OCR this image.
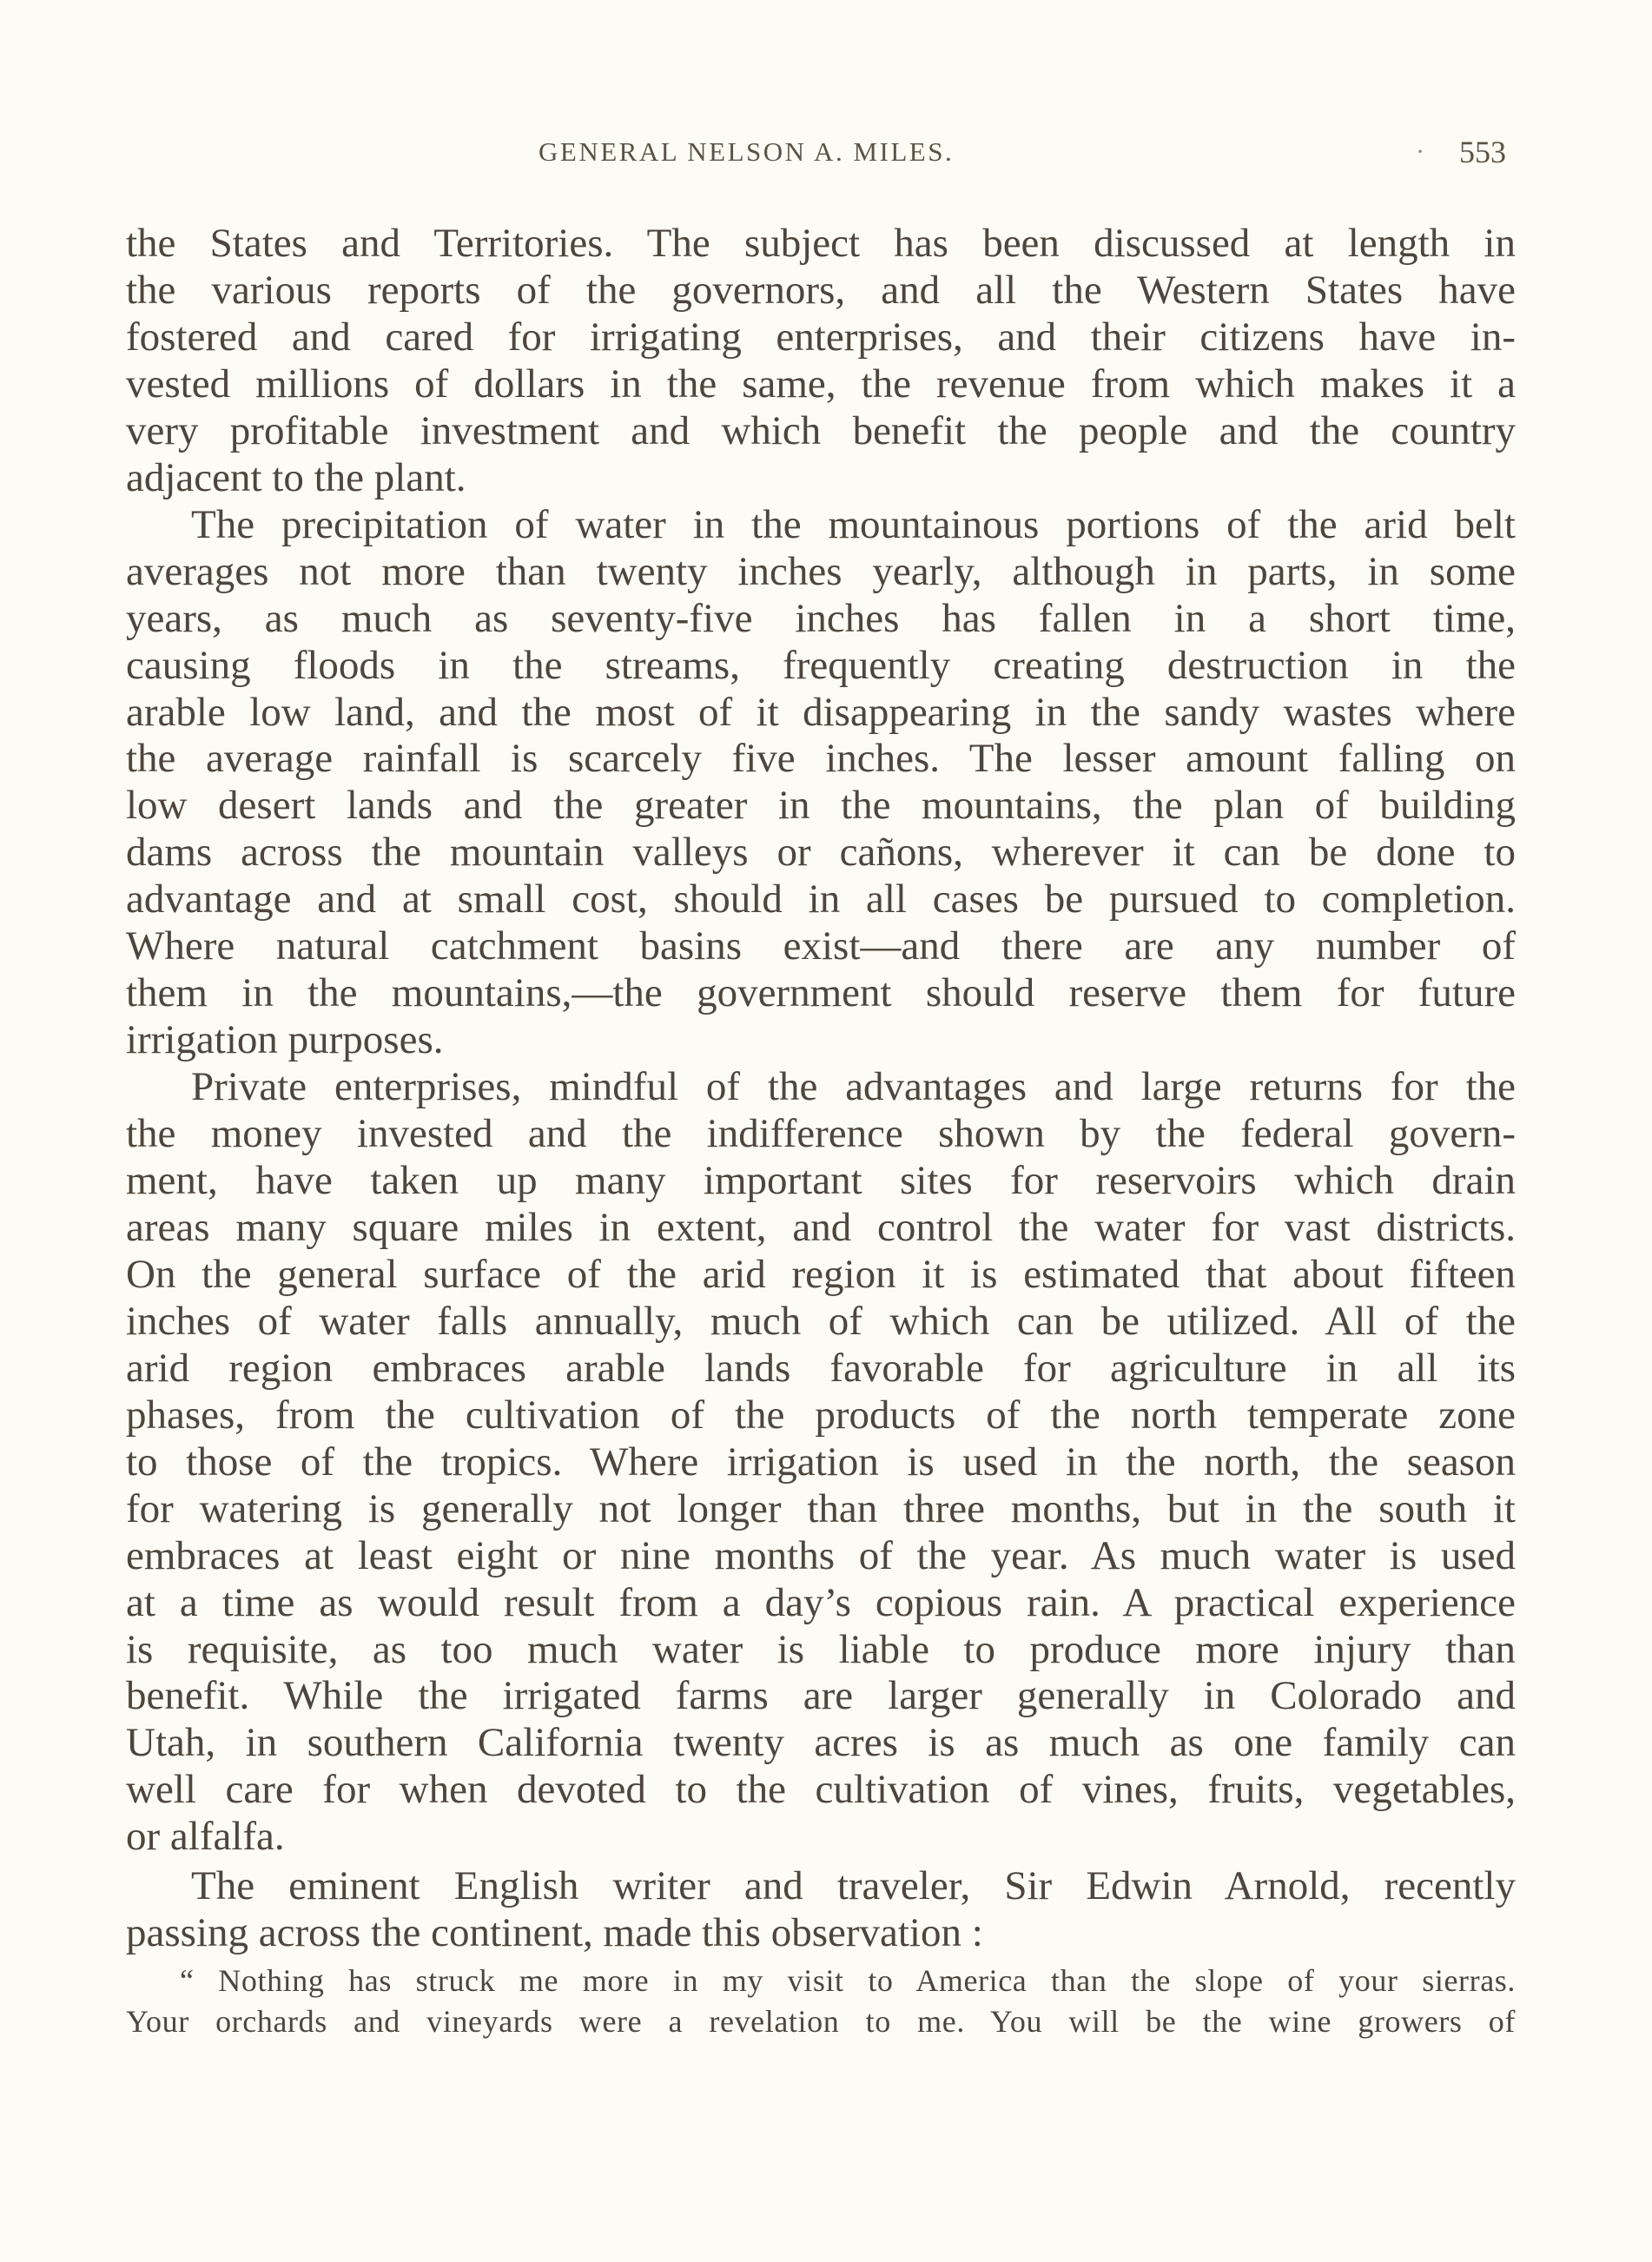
GENERAL NELSON A. MILES.	· 553
the States and Territories. The subject has been discussed at length in
the various reports of the governors, and all the Western States have
fostered and cared for irrigating enterprises, and their citizens have in-
vested millions of dollars in the same, the revenue from which makes it a
very profitable investment and which benefit the people and the country
adjacent to the plant.
The precipitation of water in the mountainous portions of the arid belt
averages not more than twenty inches yearly, although in parts, in some
years, as much as seventy-five inches has fallen in a short time,
causing floods in the streams, frequently creating destruction in the
arable low land, and the most of it disappearing in the sandy wastes where
the average rainfall is scarcely five inches. The lesser amount falling on
low desert lands and the greater in the mountains, the plan of building
dams across the mountain valleys or cañons, wherever it can be done to
advantage and at small cost, should in all cases be pursued to completion.
Where natural catchment basins exist—and there are any number of
them in the mountains,—the government should reserve them for future
irrigation purposes.
Private enterprises, mindful of the advantages and large returns for the
the money invested and the indifference shown by the federal govern-
ment, have taken up many important sites for reservoirs which drain
areas many square miles in extent, and control the water for vast districts.
On the general surface of the arid region it is estimated that about fifteen
inches of water falls annually, much of which can be utilized. All of the
arid region embraces arable lands favorable for agriculture in all its
phases, from the cultivation of the products of the north temperate zone
to those of the tropics. Where irrigation is used in the north, the season
for watering is generally not longer than three months, but in the south it
embraces at least eight or nine months of the year. As much water is used
at a time as would result from a day’s copious rain. A practical experience
is requisite, as too much water is liable to produce more injury than
benefit. While the irrigated farms are larger generally in Colorado and
Utah, in southern California twenty acres is as much as one family can
well care for when devoted to the cultivation of vines, fruits, vegetables,
or alfalfa.
The eminent English writer and traveler, Sir Edwin Arnold, recently
passing across the continent, made this observation :
“ Nothing has struck me more in my visit to America than the slope of your sierras.
Your orchards and vineyards were a revelation to me. You will be the wine growers of
